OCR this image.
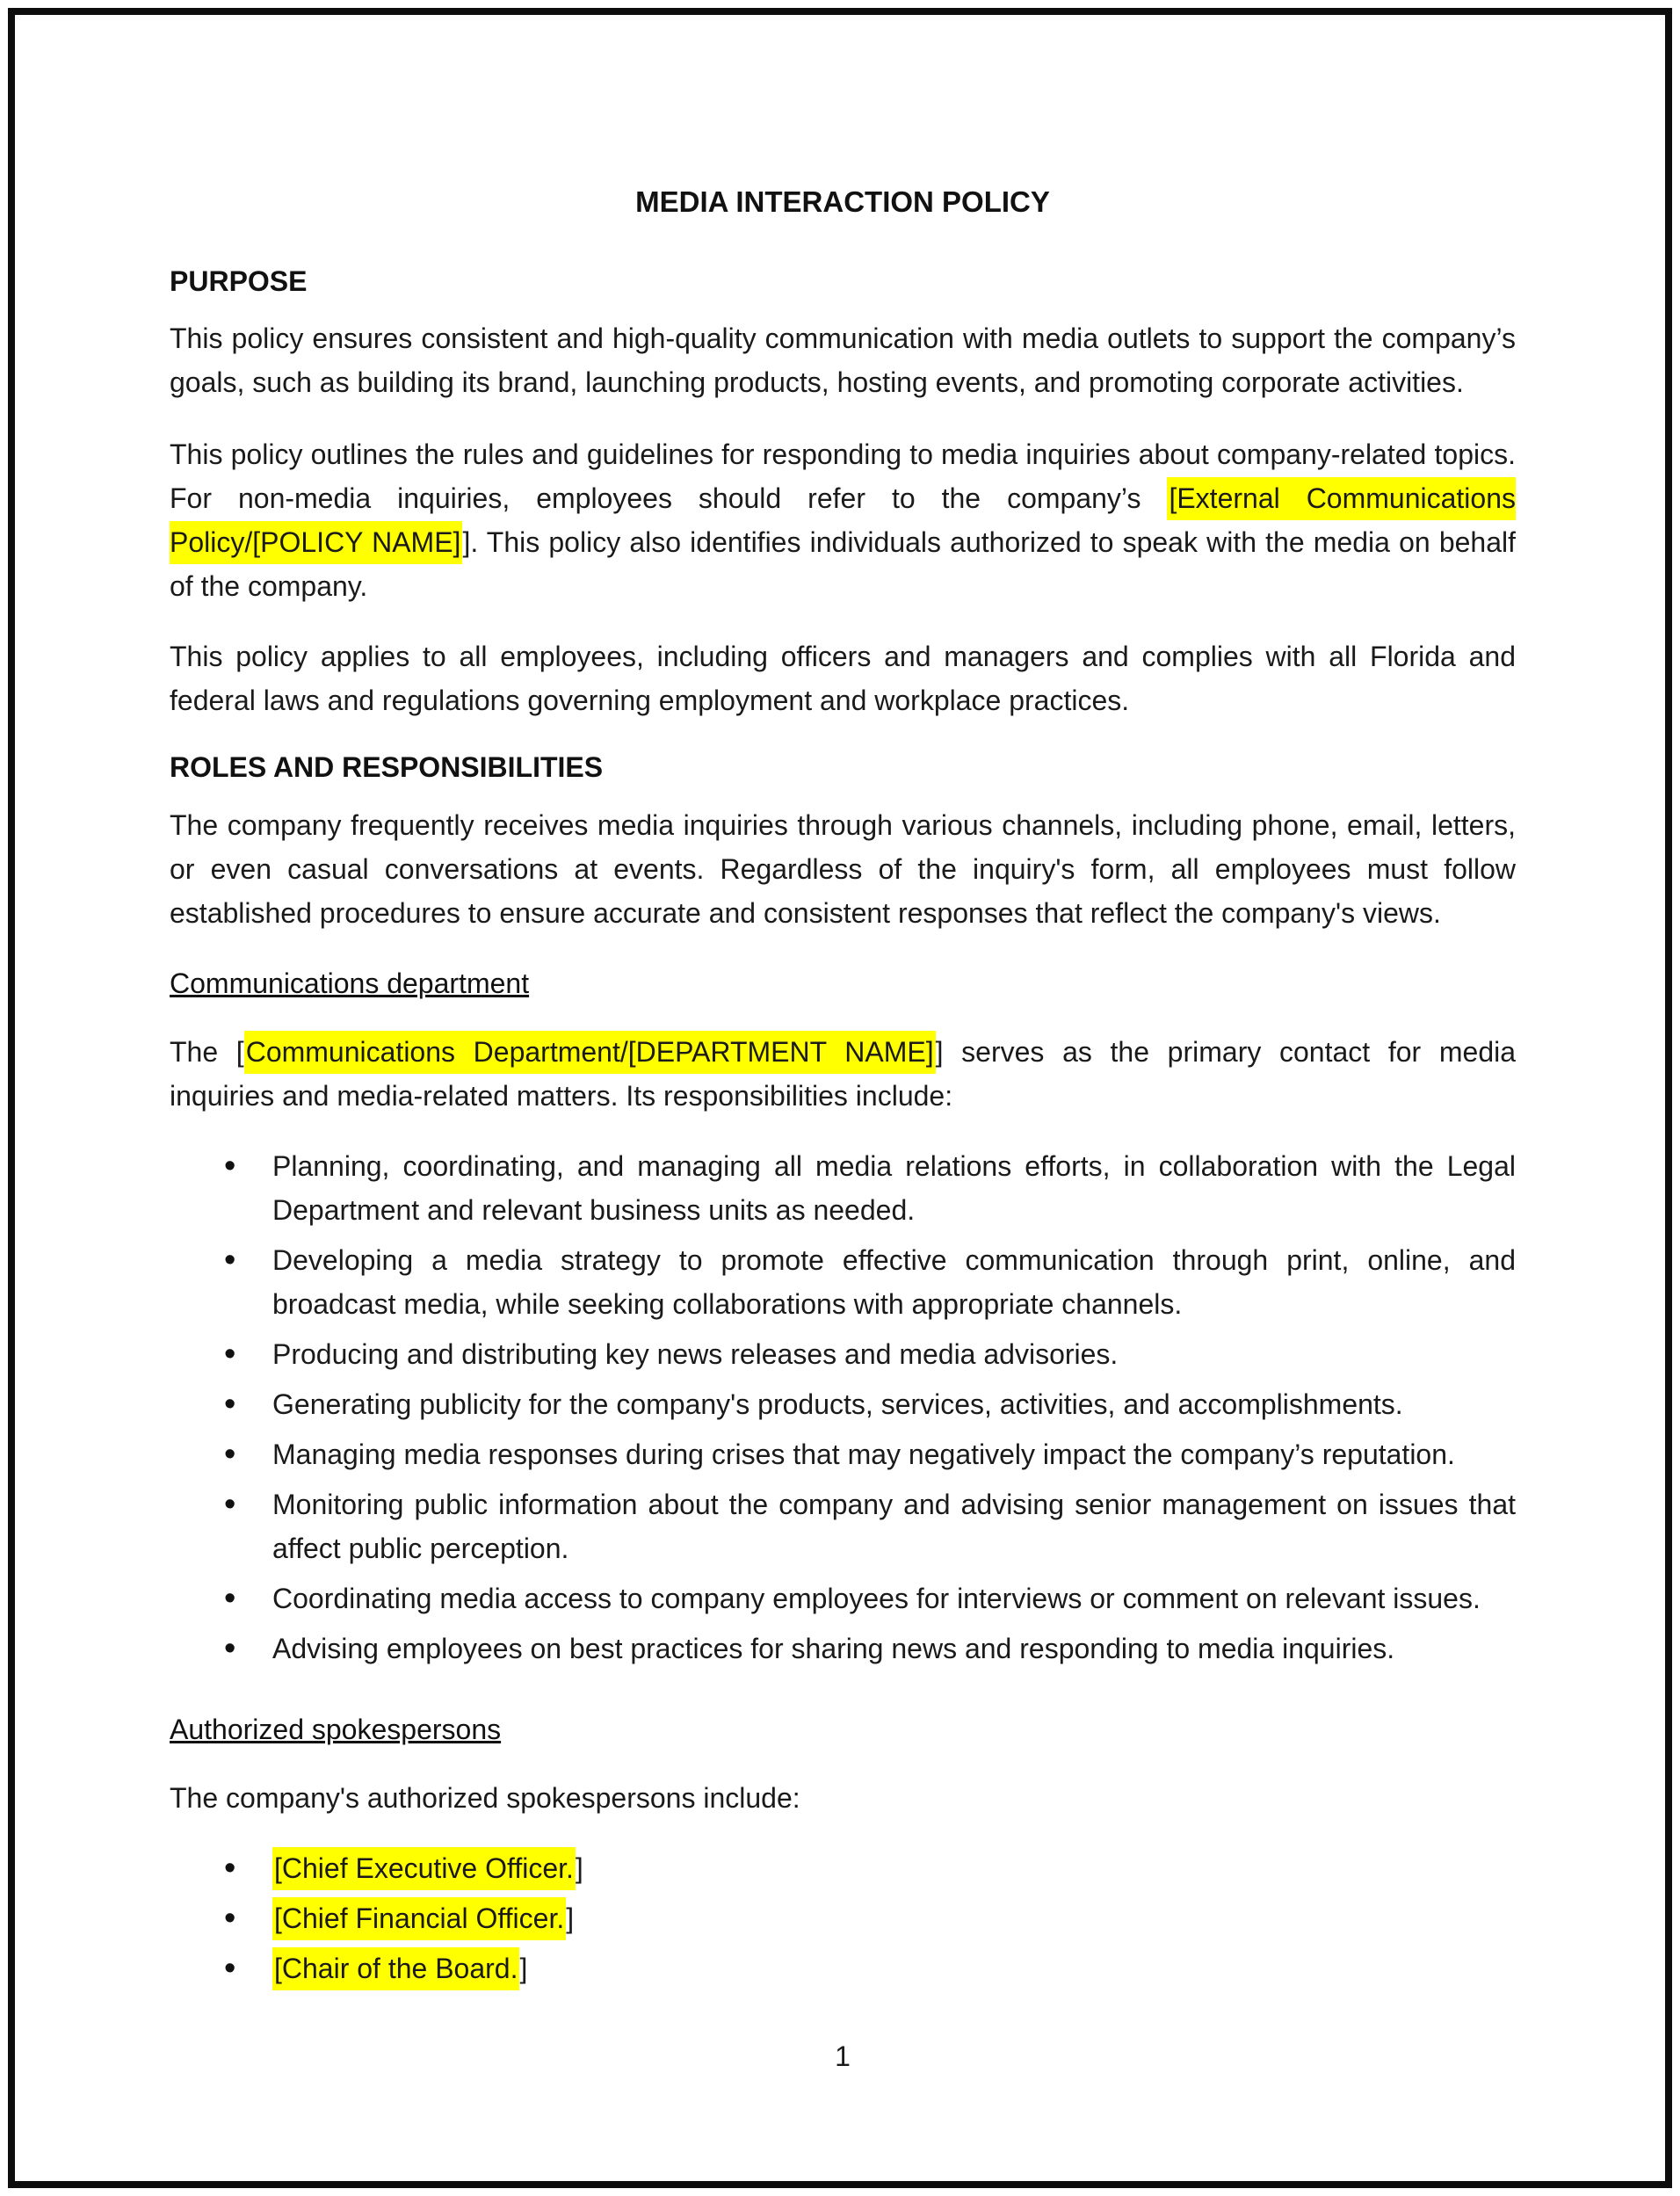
MEDIA INTERACTION POLICY
PURPOSE

This policy ensures consistent and high-quality communication with media outlets to support the company’s goals, such as building its brand, launching products, hosting events, and promoting corporate activities.

This policy outlines the rules and guidelines for responding to media inquiries about company-related topics. For non-media inquiries, employees should refer to the company’s [External Communications Policy/[POLICY NAME]]. This policy also identifies individuals authorized to speak with the media on behalf of the company.

This policy applies to all employees, including officers and managers and complies with all Florida and federal laws and regulations governing employment and workplace practices.

ROLES AND RESPONSIBILITIES

The company frequently receives media inquiries through various channels, including phone, email, letters, or even casual conversations at events. Regardless of the inquiry's form, all employees must follow established procedures to ensure accurate and consistent responses that reflect the company's views.

Communications department

The [Communications Department/[DEPARTMENT NAME]] serves as the primary contact for media inquiries and media-related matters. Its responsibilities include:

• Planning, coordinating, and managing all media relations efforts, in collaboration with the Legal Department and relevant business units as needed.
• Developing a media strategy to promote effective communication through print, online, and broadcast media, while seeking collaborations with appropriate channels.
• Producing and distributing key news releases and media advisories.
• Generating publicity for the company's products, services, activities, and accomplishments.
• Managing media responses during crises that may negatively impact the company’s reputation.
• Monitoring public information about the company and advising senior management on issues that affect public perception.
• Coordinating media access to company employees for interviews or comment on relevant issues.
• Advising employees on best practices for sharing news and responding to media inquiries.
Authorized spokespersons

The company's authorized spokespersons include:

• [Chief Executive Officer.]
• [Chief Financial Officer.]
• [Chair of the Board.]
1
